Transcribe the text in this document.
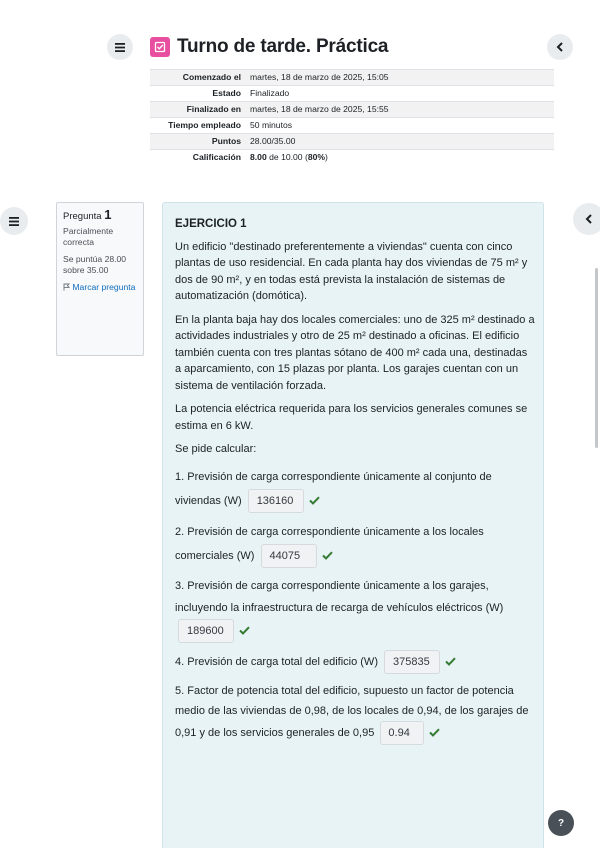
Turno de tarde. Práctica
Comenzado el	martes, 18 de marzo de 2025, 15:05
Estado	Finalizado
Finalizado en	martes, 18 de marzo de 2025, 15:55
Tiempo empleado	50 minutos
Puntos	28.00/35.00
Calificación	8.00 de 10.00 (80%)
Pregunta 1
Parcialmente correcta
Se puntúa 28.00 sobre 35.00
Marcar pregunta
EJERCICIO 1

Un edificio "destinado preferentemente a viviendas" cuenta con cinco plantas de uso residencial. En cada planta hay dos viviendas de 75 m² y dos de 90 m², y en todas está prevista la instalación de sistemas de automatización (domótica).

En la planta baja hay dos locales comerciales: uno de 325 m² destinado a actividades industriales y otro de 25 m² destinado a oficinas. El edificio también cuenta con tres plantas sótano de 400 m² cada una, destinadas a aparcamiento, con 15 plazas por planta. Los garajes cuentan con un sistema de ventilación forzada.

La potencia eléctrica requerida para los servicios generales comunes se estima en 6 kW.

Se pide calcular:

1. Previsión de carga correspondiente únicamente al conjunto de viviendas (W) 136160
2. Previsión de carga correspondiente únicamente a los locales comerciales (W) 44075
3. Previsión de carga correspondiente únicamente a los garajes, incluyendo la infraestructura de recarga de vehículos eléctricos (W) 189600
4. Previsión de carga total del edificio (W) 375835
5. Factor de potencia total del edificio, supuesto un factor de potencia medio de las viviendas de 0,98, de los locales de 0,94, de los garajes de 0,91 y de los servicios generales de 0,95 0.94
?
